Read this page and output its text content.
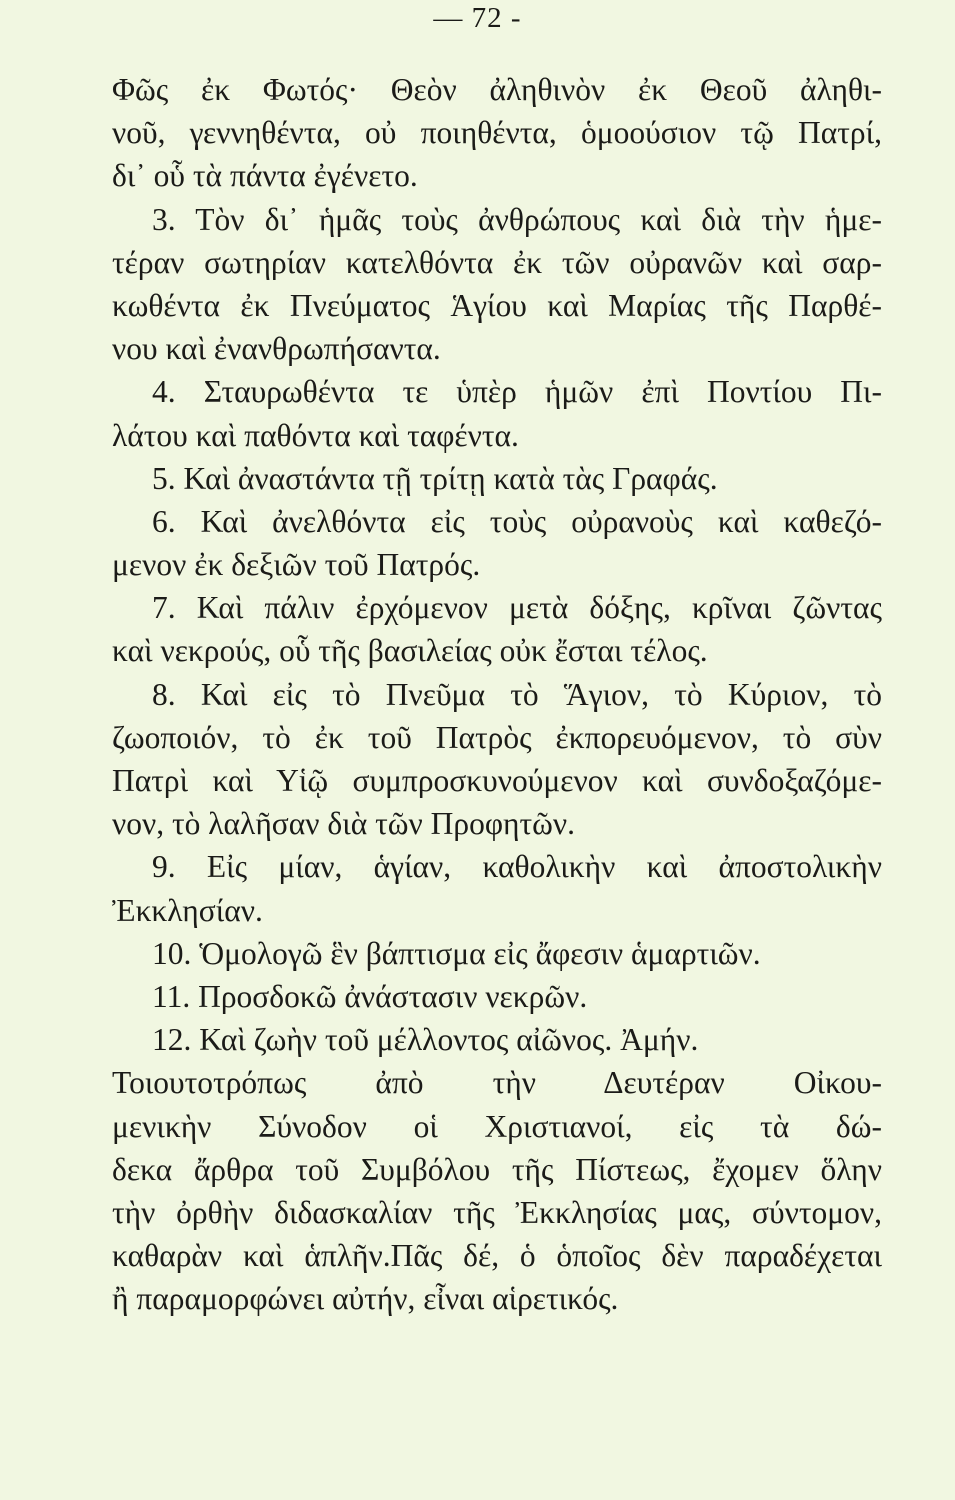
— 72 -
Φῶς ἐκ Φωτός· Θεὸν ἀληθινὸν ἐκ Θεοῦ ἀληθι-
νοῦ, γεννηθέντα, οὐ ποιηθέντα, ὁμοούσιον τῷ Πατρί,
δι᾽ οὗ τὰ πάντα ἐγένετο.
3. Τὸν δι᾽ ἡμᾶς τοὺς ἀνθρώπους καὶ διὰ τὴν ἡμε-
τέραν σωτηρίαν κατελθόντα ἐκ τῶν οὐρανῶν καὶ σαρ-
κωθέντα ἐκ Πνεύματος Ἁγίου καὶ Μαρίας τῆς Παρθέ-
νου καὶ ἐνανθρωπήσαντα.
4. Σταυρωθέντα τε ὑπὲρ ἡμῶν ἐπὶ Ποντίου Πι-
λάτου καὶ παθόντα καὶ ταφέντα.
5. Καὶ ἀναστάντα τῇ τρίτῃ κατὰ τὰς Γραφάς.
6. Καὶ ἀνελθόντα εἰς τοὺς οὐρανοὺς καὶ καθεζό-
μενον ἐκ δεξιῶν τοῦ Πατρός.
7. Καὶ πάλιν ἐρχόμενον μετὰ δόξης, κρῖναι ζῶντας
καὶ νεκρούς, οὗ τῆς βασιλείας οὐκ ἔσται τέλος.
8. Καὶ εἰς τὸ Πνεῦμα τὸ Ἅγιον, τὸ Κύριον, τὸ
ζωοποιόν, τὸ ἐκ τοῦ Πατρὸς ἐκπορευόμενον, τὸ σὺν
Πατρὶ καὶ Υἱῷ συμπροσκυνούμενον καὶ συνδοξαζόμε-
νον, τὸ λαλῆσαν διὰ τῶν Προφητῶν.
9. Εἰς μίαν, ἁγίαν, καθολικὴν καὶ ἀποστολικὴν
Ἐκκλησίαν.
10. Ὁμολογῶ ἓν βάπτισμα εἰς ἄφεσιν ἁμαρτιῶν.
11. Προσδοκῶ ἀνάστασιν νεκρῶν.
12. Καὶ ζωὴν τοῦ μέλλοντος αἰῶνος. Ἀμήν.
Τοιουτοτρόπως ἀπὸ τὴν Δευτέραν Οἰκου-
μενικὴν Σύνοδον οἱ Χριστιανοί, εἰς τὰ δώ-
δεκα ἄρθρα τοῦ Συμβόλου τῆς Πίστεως, ἔχομεν ὅλην
τὴν ὀρθὴν διδασκαλίαν τῆς Ἐκκλησίας μας, σύντομον,
καθαρὰν καὶ ἁπλῆν.Πᾶς δέ, ὁ ὁποῖος δὲν παραδέχεται
ἢ παραμορφώνει αὐτήν, εἶναι αἱρετικός.
